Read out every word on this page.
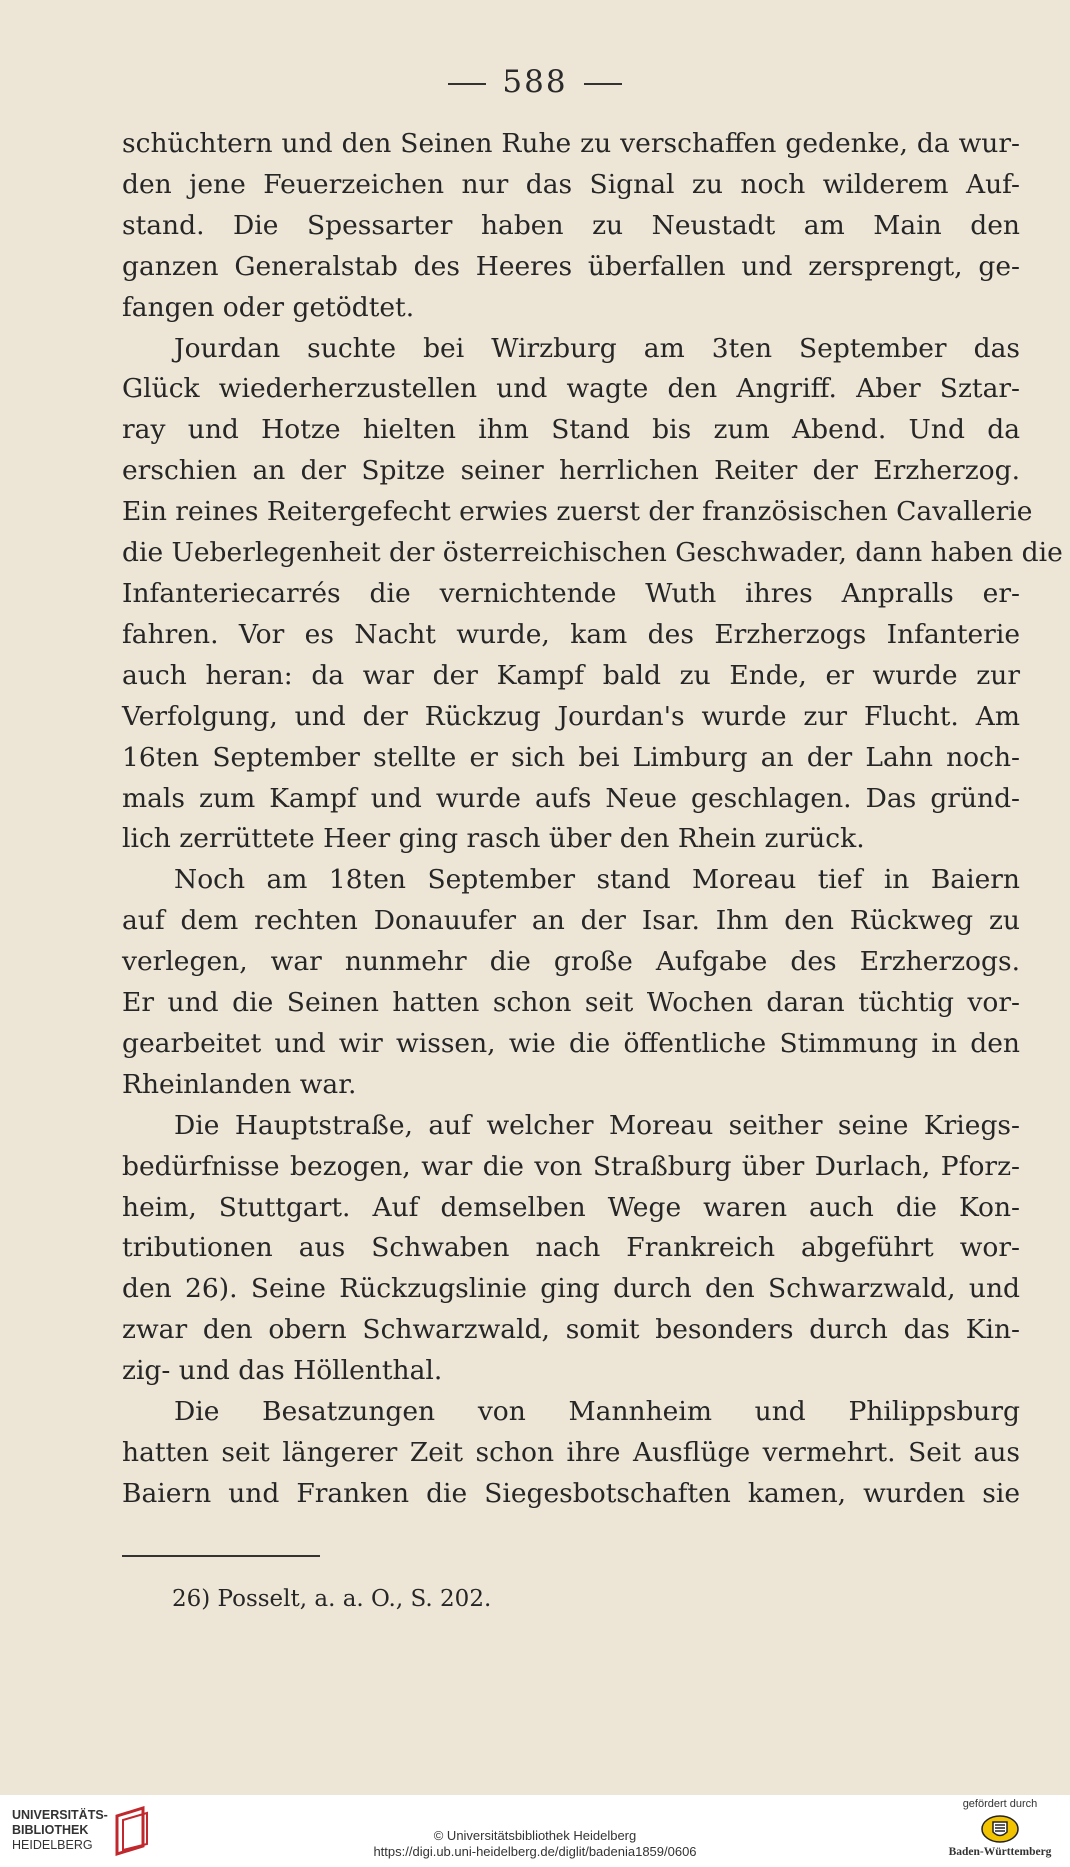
588
schüchtern und den Seinen Ruhe zu verschaffen gedenke, da wur-
den jene Feuerzeichen nur das Signal zu noch wilderem Auf-
stand. Die Spessarter haben zu Neustadt am Main den
ganzen Generalstab des Heeres überfallen und zersprengt, ge-
fangen oder getödtet.
Jourdan suchte bei Wirzburg am 3ten September das
Glück wiederherzustellen und wagte den Angriff. Aber Sztar-
ray und Hotze hielten ihm Stand bis zum Abend. Und da
erschien an der Spitze seiner herrlichen Reiter der Erzherzog.
Ein reines Reitergefecht erwies zuerst der französischen Cavallerie
die Ueberlegenheit der österreichischen Geschwader, dann haben die
Infanteriecarrés die vernichtende Wuth ihres Anpralls er-
fahren. Vor es Nacht wurde, kam des Erzherzogs Infanterie
auch heran: da war der Kampf bald zu Ende, er wurde zur
Verfolgung, und der Rückzug Jourdan's wurde zur Flucht. Am
16ten September stellte er sich bei Limburg an der Lahn noch-
mals zum Kampf und wurde aufs Neue geschlagen. Das gründ-
lich zerrüttete Heer ging rasch über den Rhein zurück.
Noch am 18ten September stand Moreau tief in Baiern
auf dem rechten Donauufer an der Isar. Ihm den Rückweg zu
verlegen, war nunmehr die große Aufgabe des Erzherzogs.
Er und die Seinen hatten schon seit Wochen daran tüchtig vor-
gearbeitet und wir wissen, wie die öffentliche Stimmung in den
Rheinlanden war.
Die Hauptstraße, auf welcher Moreau seither seine Kriegs-
bedürfnisse bezogen, war die von Straßburg über Durlach, Pforz-
heim, Stuttgart. Auf demselben Wege waren auch die Kon-
tributionen aus Schwaben nach Frankreich abgeführt wor-
den 26). Seine Rückzugslinie ging durch den Schwarzwald, und
zwar den obern Schwarzwald, somit besonders durch das Kin-
zig- und das Höllenthal.
Die Besatzungen von Mannheim und Philippsburg
hatten seit längerer Zeit schon ihre Ausflüge vermehrt. Seit aus
Baiern und Franken die Siegesbotschaften kamen, wurden sie
26) Posselt, a. a. O., S. 202.
UNIVERSITÄTS-
BIBLIOTHEK
HEIDELBERG
© Universitätsbibliothek Heidelberg
https://digi.ub.uni-heidelberg.de/diglit/badenia1859/0606
gefördert durch
Baden-Württemberg
